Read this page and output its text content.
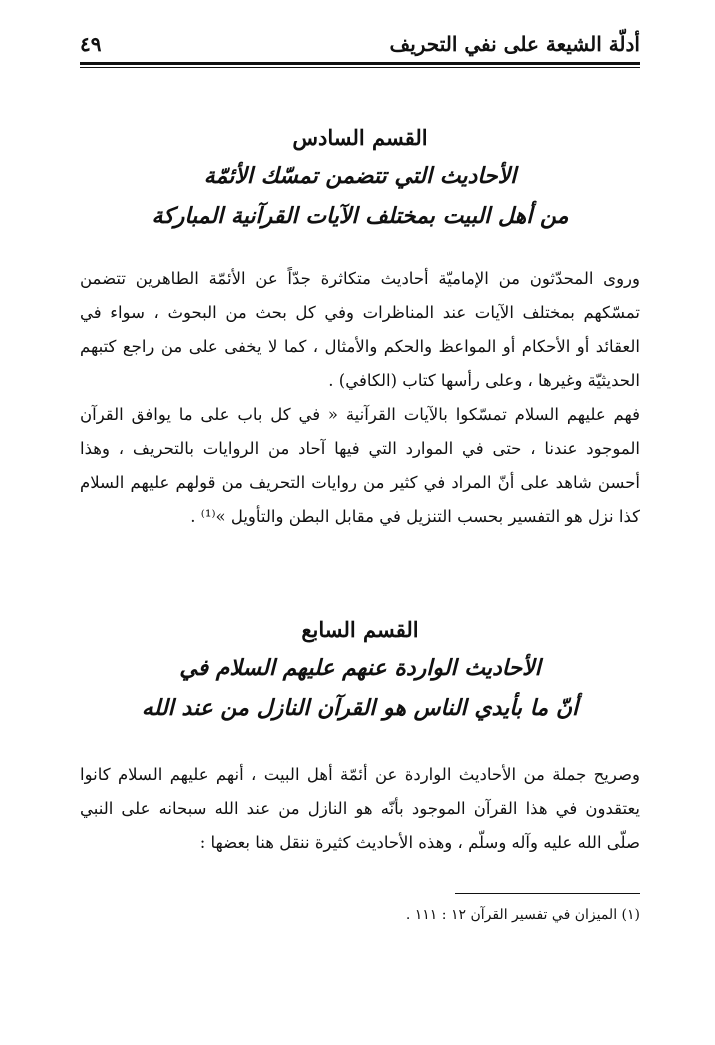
أدلّة الشيعة على نفي التحريف
٤٩

القسم السادس

الأحاديث التي تتضمن تمسّك الأئمّة

من أهل البيت بمختلف الآيات القرآنية المباركة

وروى المحدّثون من الإماميّة أحاديث متكاثرة جدّاً عن الأئمّة الطاهرين تتضمن تمسّكهم بمختلف الآيات عند المناظرات وفي كل بحث من البحوث ، سواء في العقائد أو الأحكام أو المواعظ والحكم والأمثال ، كما لا يخفى على من راجع كتبهم الحديثيّة وغيرها ، وعلى رأسها كتاب (الكافي) .

فهم عليهم السلام تمسّكوا بالآيات القرآنية « في كل باب على ما يوافق القرآن الموجود عندنا ، حتى في الموارد التي فيها آحاد من الروايات بالتحريف ، وهذا أحسن شاهد على أنّ المراد في كثير من روايات التحريف من قولهم عليهم السلام كذا نزل هو التفسير بحسب التنزيل في مقابل البطن والتأويل »⁽¹⁾ .

القسم السابع

الأحاديث الواردة عنهم عليهم السلام في

أنّ ما بأيدي الناس هو القرآن النازل من عند الله

وصريح جملة من الأحاديث الواردة عن أئمّة أهل البيت ، أنهم عليهم السلام كانوا يعتقدون في هذا القرآن الموجود بأنّه هو النازل من عند الله سبحانه على النبي صلّى الله عليه وآله وسلّم ، وهذه الأحاديث كثيرة ننقل هنا بعضها :

(١) الميزان في تفسير القرآن ١٢ : ١١١ .
